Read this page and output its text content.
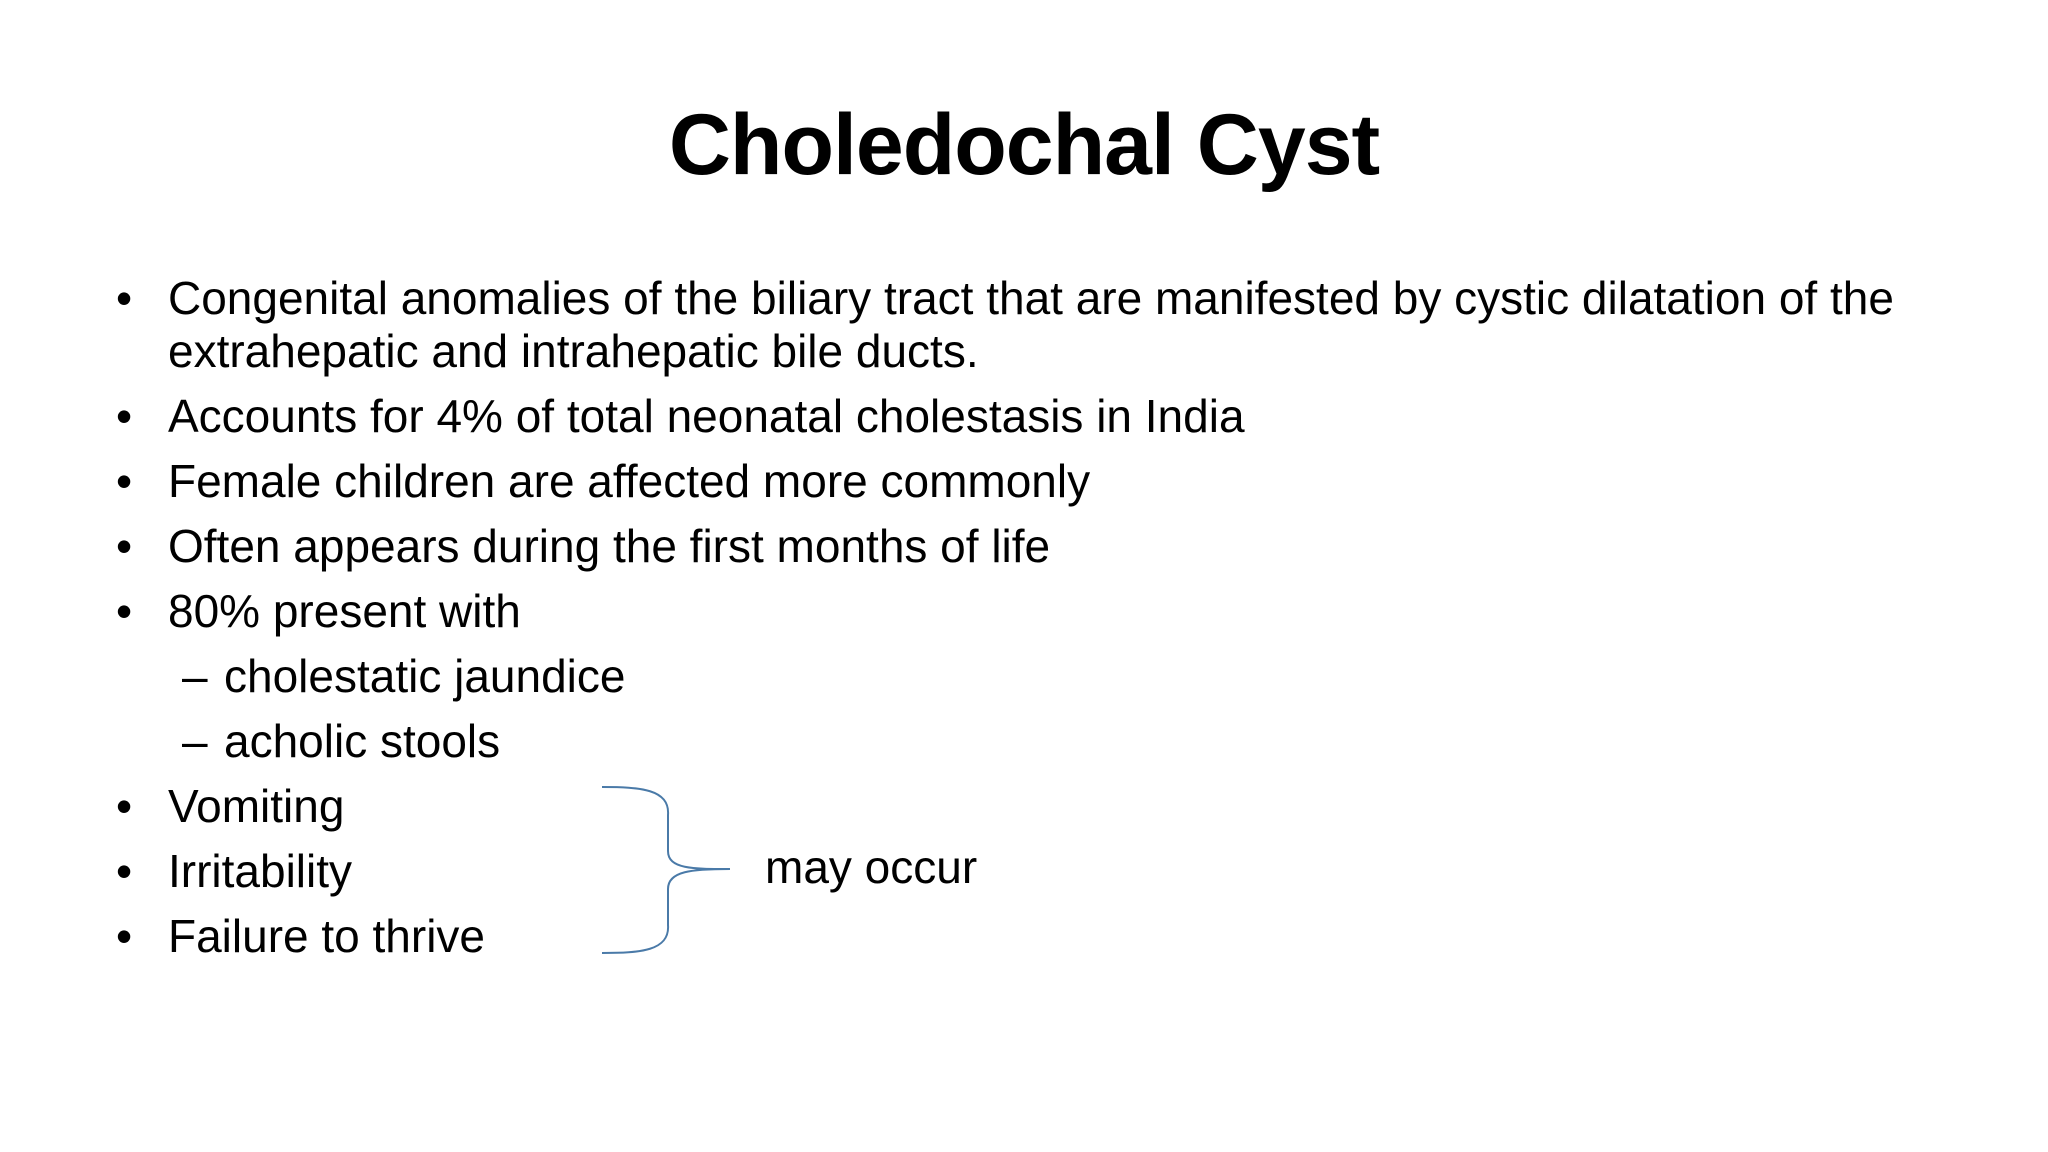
Choledochal Cyst
• Congenital anomalies of the biliary tract that are manifested by cystic dilatation of the extrahepatic and intrahepatic bile ducts.
• Accounts for 4% of total neonatal cholestasis in India
• Female children are affected more commonly
• Often appears during the first months of life
• 80% present with
– cholestatic jaundice
– acholic stools
• Vomiting
• Irritability
• Failure to thrive
may occur
